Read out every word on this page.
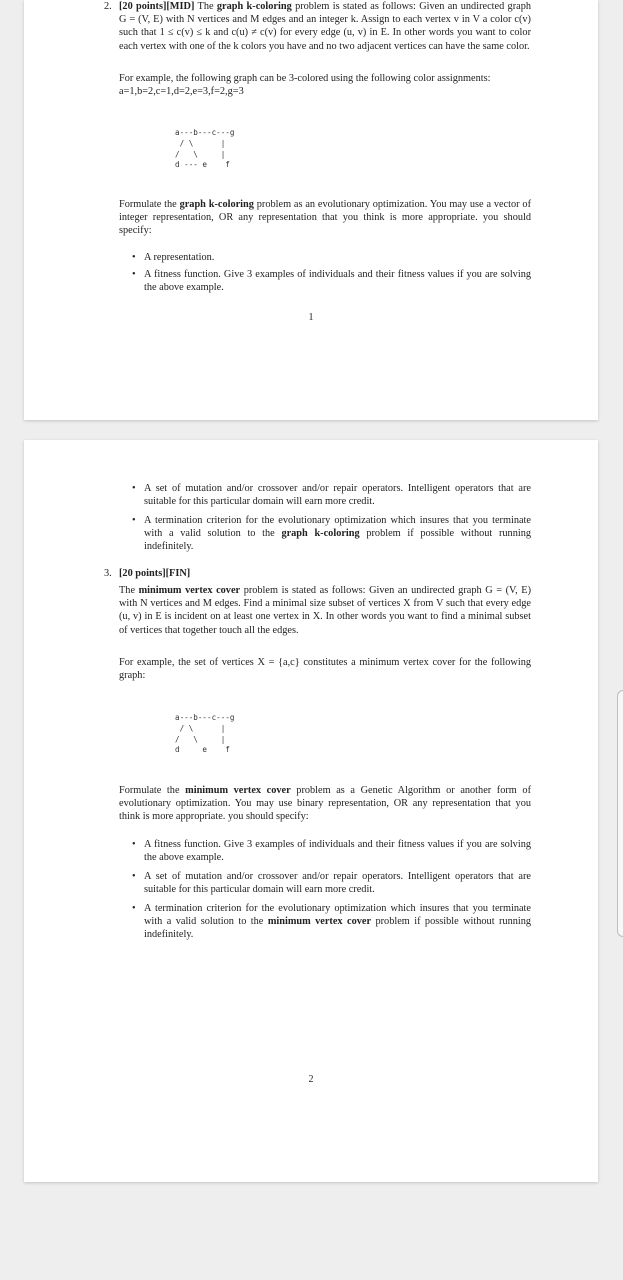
2. [20 points][MID] The graph k-coloring problem is stated as follows: Given an undirected graph G = (V, E) with N vertices and M edges and an integer k. Assign to each vertex v in V a color c(v) such that 1 ≤ c(v) ≤ k and c(u) ≠ c(v) for every edge (u, v) in E. In other words you want to color each vertex with one of the k colors you have and no two adjacent vertices can have the same color.
For example, the following graph can be 3-colored using the following color assignments:
a=1,b=2,c=1,d=2,e=3,f=2,g=3
a---b---c---g
/ \      |
/   \     |
d --- e    f
Formulate the graph k-coloring problem as an evolutionary optimization. You may use a vector of integer representation, OR any representation that you think is more appropriate. you should specify:
• A representation.
• A fitness function. Give 3 examples of individuals and their fitness values if you are solving the above example.
1
• A set of mutation and/or crossover and/or repair operators. Intelligent operators that are suitable for this particular domain will earn more credit.
• A termination criterion for the evolutionary optimization which insures that you terminate with a valid solution to the graph k-coloring problem if possible without running indefinitely.
3. [20 points][FIN]
The minimum vertex cover problem is stated as follows: Given an undirected graph G = (V, E) with N vertices and M edges. Find a minimal size subset of vertices X from V such that every edge (u, v) in E is incident on at least one vertex in X. In other words you want to find a minimal subset of vertices that together touch all the edges.
For example, the set of vertices X = {a,c} constitutes a minimum vertex cover for the following graph:
a---b---c---g
/ \      |
/   \     |
d     e    f
Formulate the minimum vertex cover problem as a Genetic Algorithm or another form of evolutionary optimization. You may use binary representation, OR any representation that you think is more appropriate. you should specify:
• A fitness function. Give 3 examples of individuals and their fitness values if you are solving the above example.
• A set of mutation and/or crossover and/or repair operators. Intelligent operators that are suitable for this particular domain will earn more credit.
• A termination criterion for the evolutionary optimization which insures that you terminate with a valid solution to the minimum vertex cover problem if possible without running indefinitely.
2
